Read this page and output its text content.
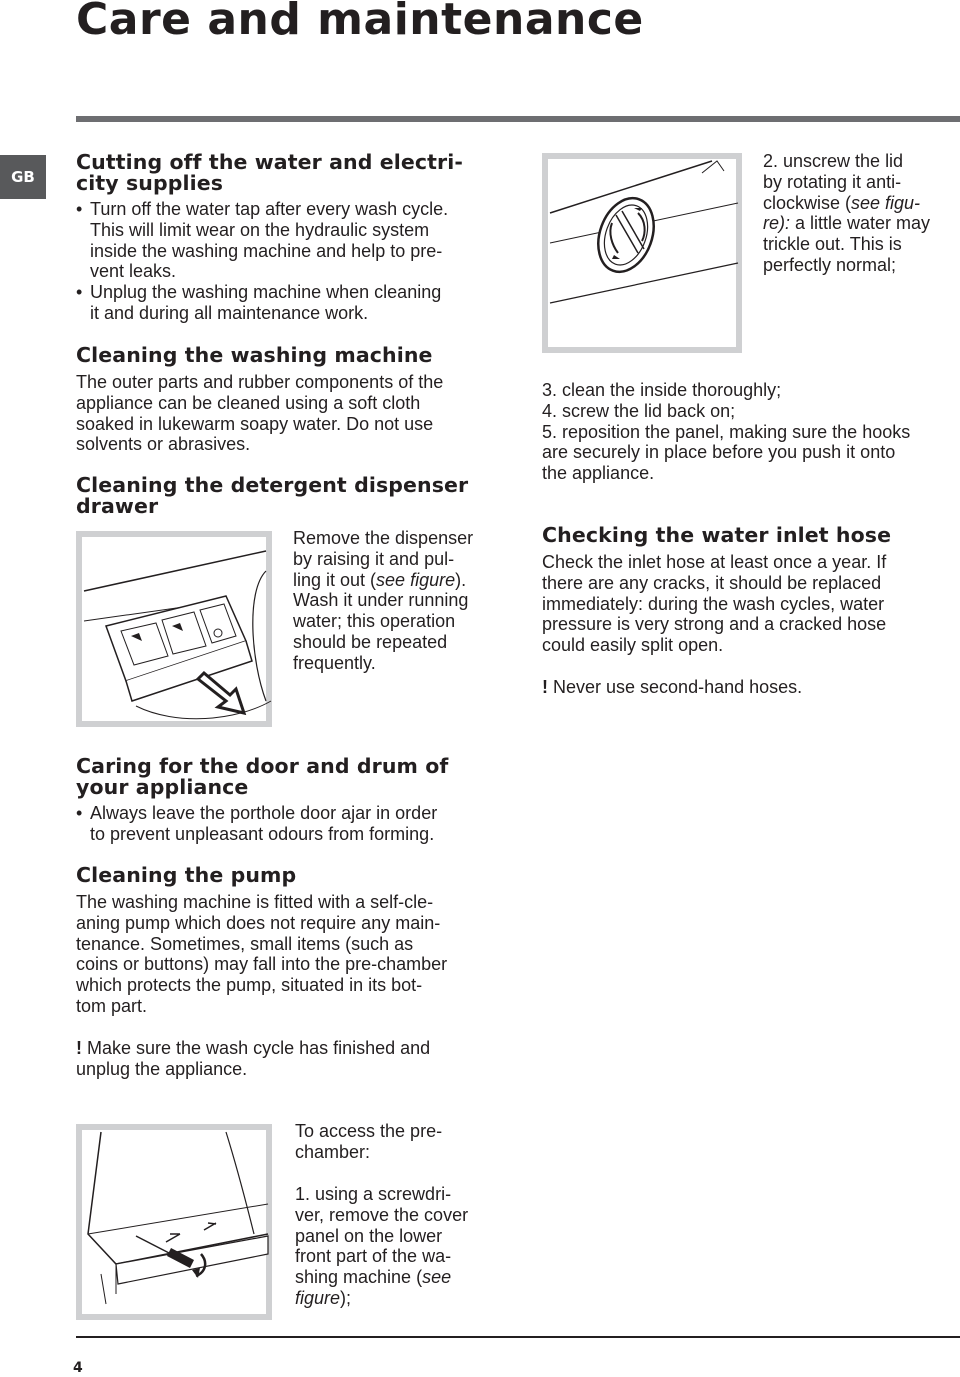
Care and maintenance
GB
Cutting off the water and electri-
city supplies
• Turn off the water tap after every wash cycle.
This will limit wear on the hydraulic system
inside the washing machine and help to pre-
vent leaks.
• Unplug the washing machine when cleaning
it and during all maintenance work.
Cleaning the washing machine

The outer parts and rubber components of the
appliance can be cleaned using a soft cloth
soaked in lukewarm soapy water. Do not use
solvents or abrasives.

Cleaning the detergent dispenser
drawer

Remove the dispenser
by raising it and pul-
ling it out (see figure).
Wash it under running
water; this operation
should be repeated
frequently.

Caring for the door and drum of
your appliance
• Always leave the porthole door ajar in order
to prevent unpleasant odours from forming.
Cleaning the pump

The washing machine is fitted with a self-cle-
aning pump which does not require any main-
tenance. Sometimes, small items (such as
coins or buttons) may fall into the pre-chamber
which protects the pump, situated in its bot-
tom part.

! Make sure the wash cycle has finished and
unplug the appliance.

To access the pre-
chamber:

1. using a screwdri-
ver, remove the cover
panel on the lower
front part of the wa-
shing machine (see
figure);

2. unscrew the lid
by rotating it anti-
clockwise (see figu-
re): a little water may
trickle out. This is
perfectly normal;

3. clean the inside thoroughly;
4. screw the lid back on;
5. reposition the panel, making sure the hooks
are securely in place before you push it onto
the appliance.

Checking the water inlet hose

Check the inlet hose at least once a year. If
there are any cracks, it should be replaced
immediately: during the wash cycles, water
pressure is very strong and a cracked hose
could easily split open.

! Never use second-hand hoses.

4
